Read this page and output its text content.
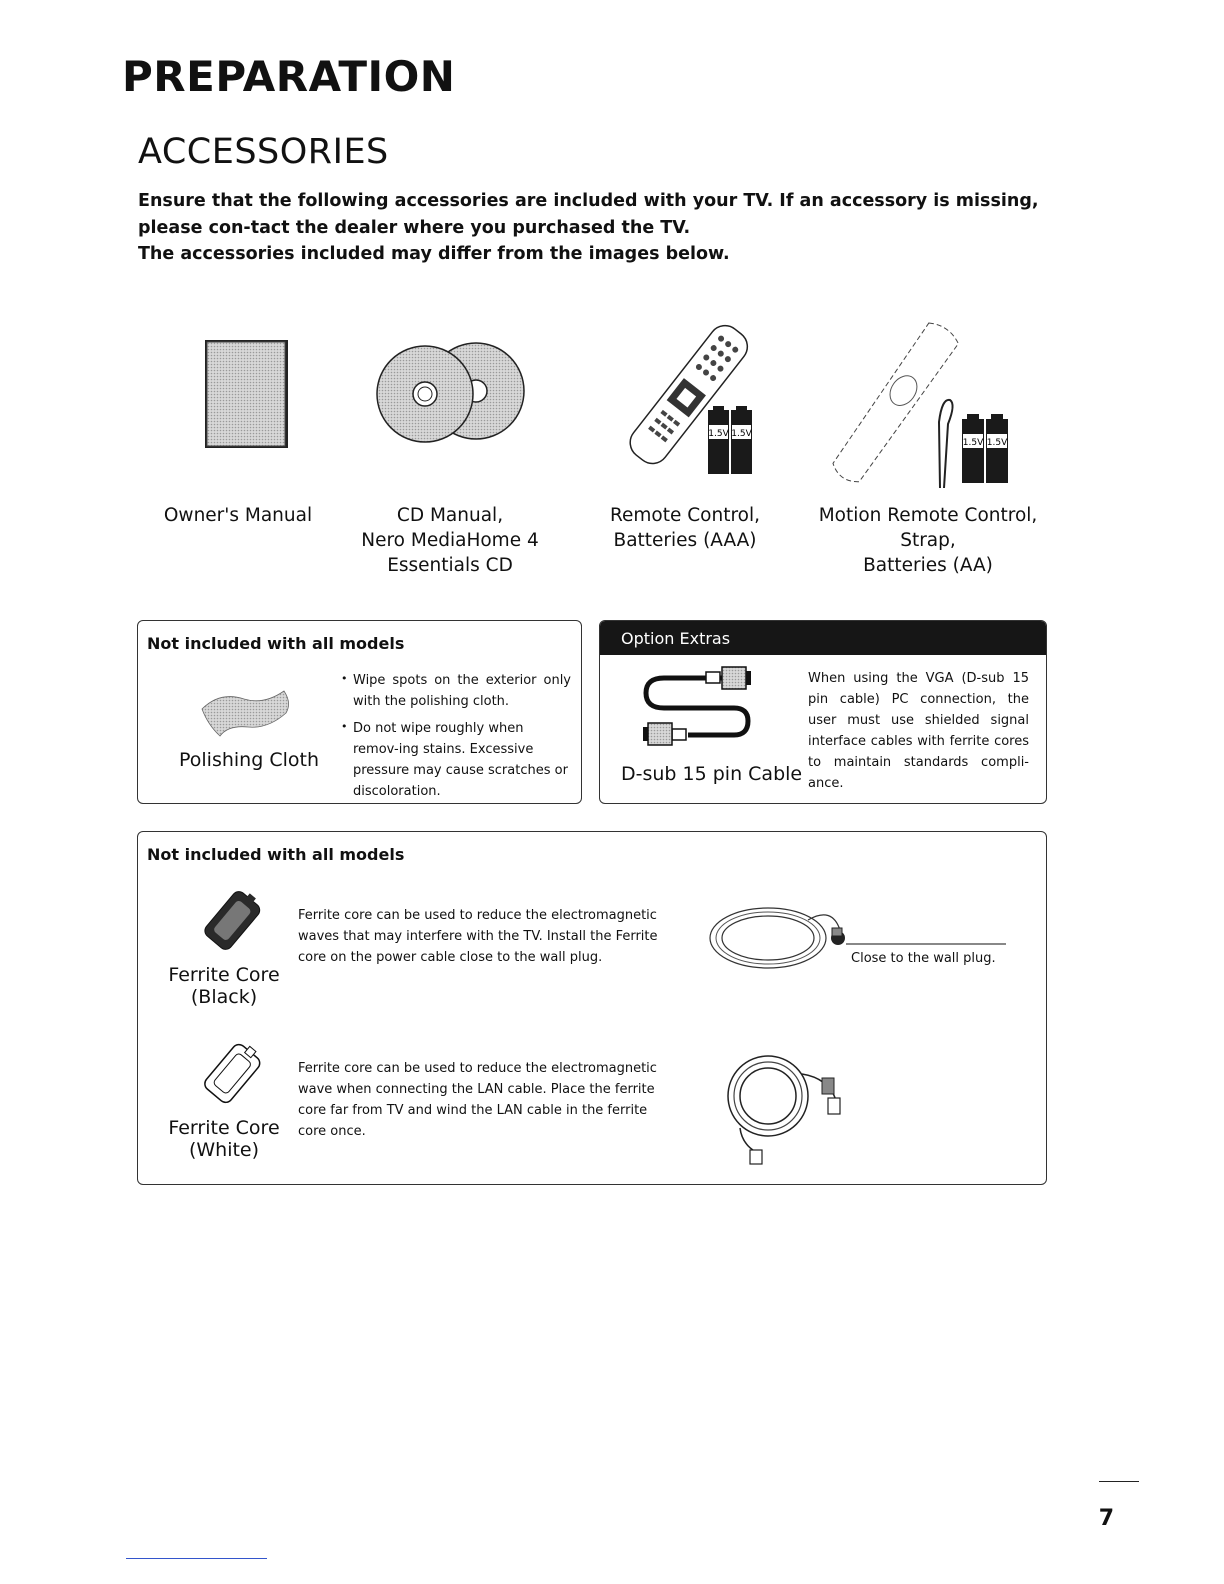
PREPARATION
ACCESSORIES

Ensure that the following accessories are included with your TV. If an accessory is missing, please con-tact the dealer where you purchased the TV.

The accessories included may differ from the images below.

1.5V 1.5V
1.5V 1.5V
Owner's Manual	CD Manual,
Nero MediaHome 4
Essentials CD
Remote Control,
Batteries (AAA)
Motion Remote Control,
Strap,
Batteries (AA)
Not included with all models
Polishing Cloth
• Wipe spots on the exterior only with the polishing cloth.
• Do not wipe roughly when remov-ing stains. Excessive pressure may cause scratches or discoloration.
Option Extras
D-sub 15 pin Cable
When using the VGA (D-sub 15 pin cable) PC connection, the user must use shielded signal interface cables with ferrite cores to maintain standards compli-ance.
Not included with all models
Ferrite Core
(Black)
Ferrite core can be used to reduce the electromagnetic waves that may interfere with the TV. Install the Ferrite core on the power cable close to the wall plug.	Close to the wall plug.
Ferrite Core
(White)
Ferrite core can be used to reduce the electromagnetic wave when connecting the LAN cable. Place the ferrite core far from TV and wind the LAN cable in the ferrite core once.
7
